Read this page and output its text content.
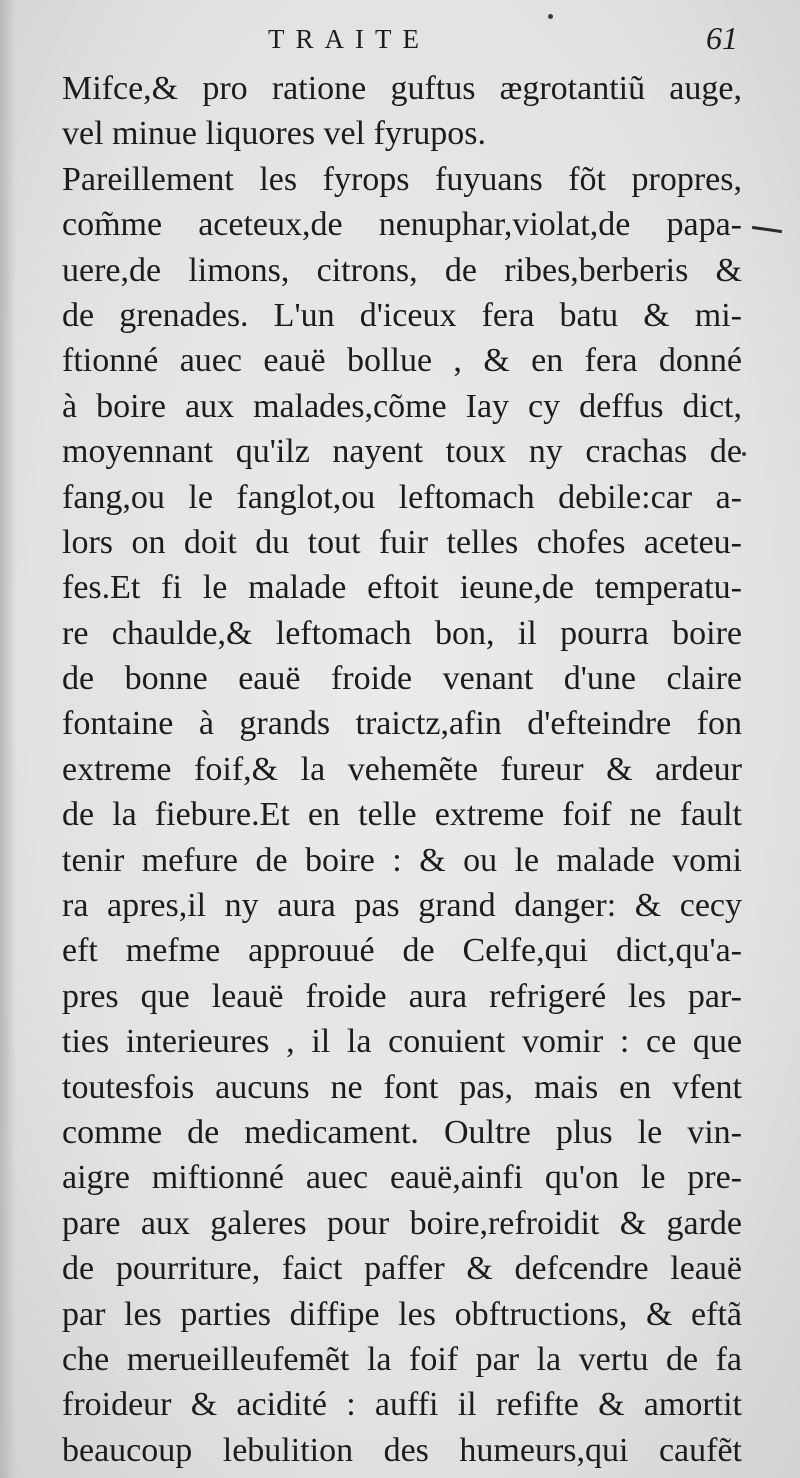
TRAITE	61
Mifce,& pro ratione guftus ægrotantiũ auge,
vel minue liquores vel fyrupos.
Pareillement les fyrops fuyuans fõt propres,
com̃me aceteux,de nenuphar,violat,de papa-
uere,de limons, citrons, de ribes,berberis &
de grenades. L'un d'iceux fera batu & mi-
ftionné auec eauë bollue , & en fera donné
à boire aux malades,cõme Iay cy deffus dict,
moyennant qu'ilz nayent toux ny crachas de
fang,ou le fanglot,ou leftomach debile:car a-
lors on doit du tout fuir telles chofes aceteu-
fes.Et fi le malade eftoit ieune,de temperatu-
re chaulde,& leftomach bon, il pourra boire
de bonne eauë froide venant d'une claire
fontaine à grands traictz,afin d'efteindre fon
extreme foif,& la vehemẽte fureur & ardeur
de la fiebure.Et en telle extreme foif ne fault
tenir mefure de boire : & ou le malade vomi
ra apres,il ny aura pas grand danger: & cecy
eft mefme approuué de Celfe,qui dict,qu'a-
pres que leauë froide aura refrigeré les par-
ties interieures , il la conuient vomir : ce que
toutesfois aucuns ne font pas, mais en vfent
comme de medicament. Oultre plus le vin-
aigre miftionné auec eauë,ainfi qu'on le pre-
pare aux galeres pour boire,refroidit & garde
de pourriture, faict paffer & defcendre leauë
par les parties diffipe les obftructions, & eftã
che merueilleufemẽt la foif par la vertu de fa
froideur & acidité : auffi il refifte & amortit
beaucoup lebulition des humeurs,qui caufẽt
